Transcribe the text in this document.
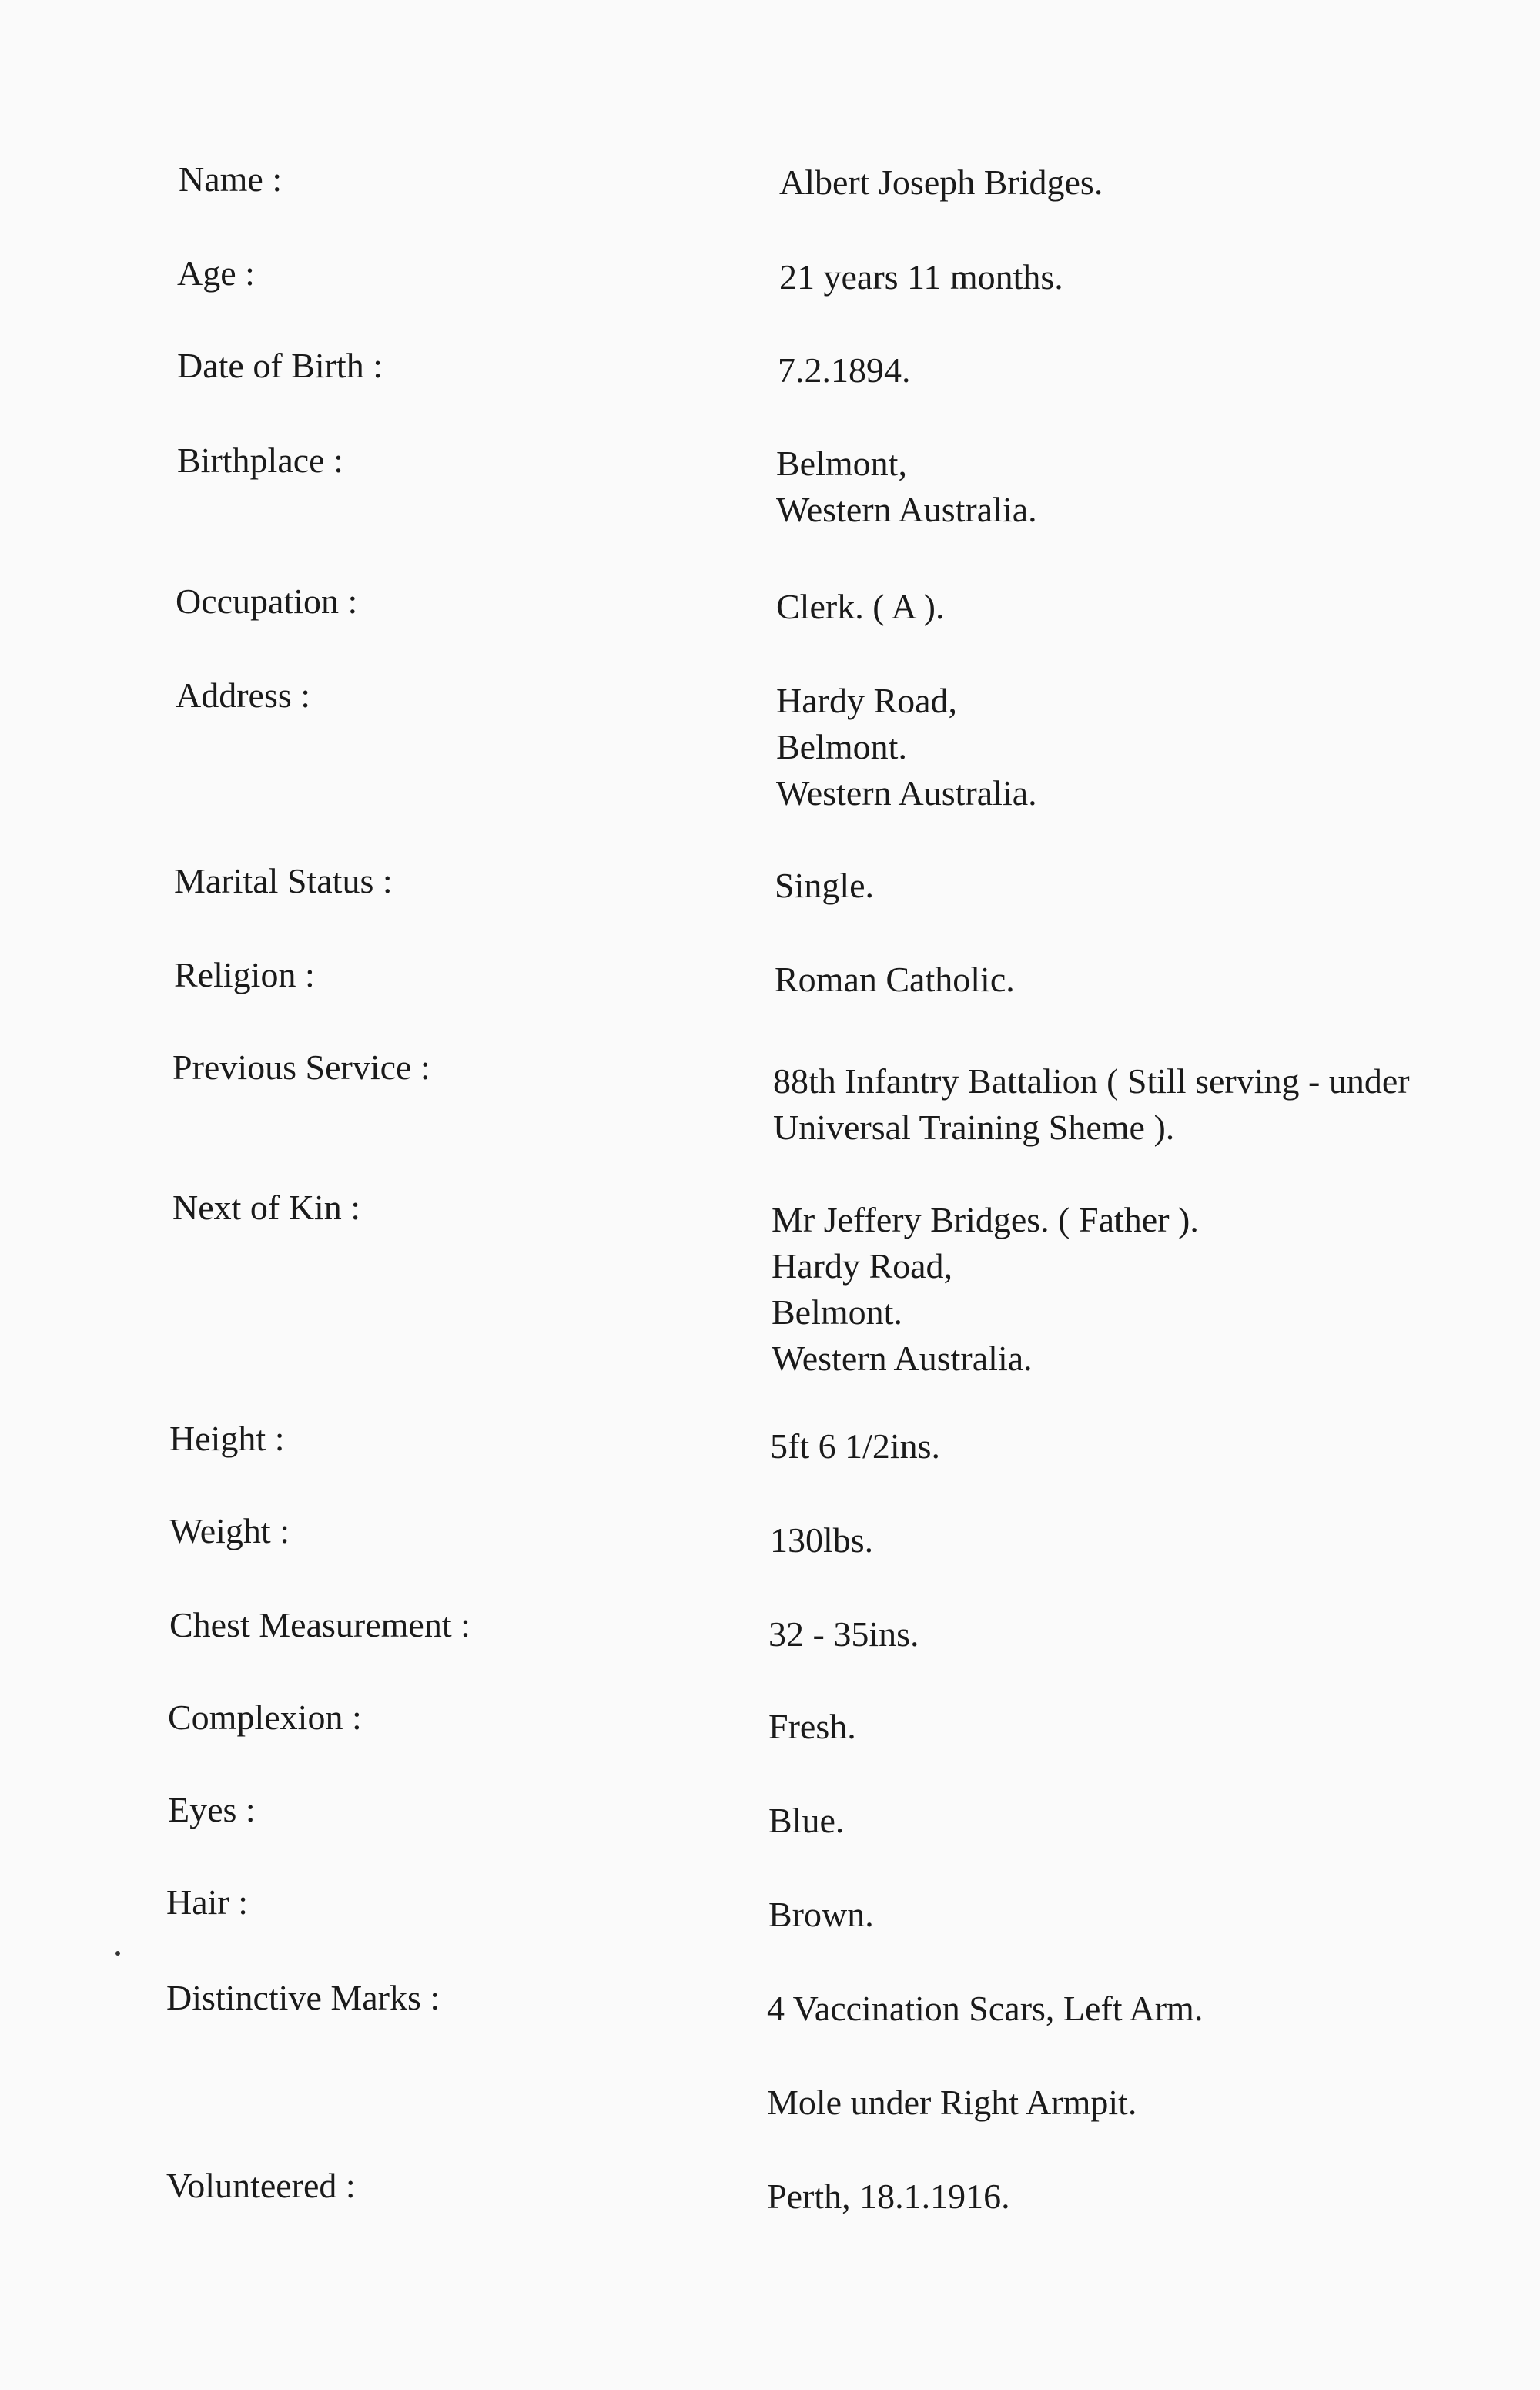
Name :	Albert Joseph Bridges.
Age :	21 years 11 months.
Date of Birth :	7.2.1894.
Birthplace :	Belmont,
Western Australia.
Occupation :	Clerk. ( A ).
Address :	Hardy Road,
Belmont.
Western Australia.
Marital Status :	Single.
Religion :	Roman Catholic.
Previous Service :	88th Infantry Battalion ( Still serving - under
Universal Training Sheme ).
Next of Kin :	Mr Jeffery Bridges. ( Father ).
Hardy Road,
Belmont.
Western Australia.
Height :	5ft 6 1/2ins.
Weight :	130lbs.
Chest Measurement :	32 - 35ins.
Complexion :	Fresh.
Eyes :	Blue.
Hair :	Brown.
Distinctive Marks :	4 Vaccination Scars, Left Arm.
Mole under Right Armpit.
Volunteered :	Perth, 18.1.1916.
